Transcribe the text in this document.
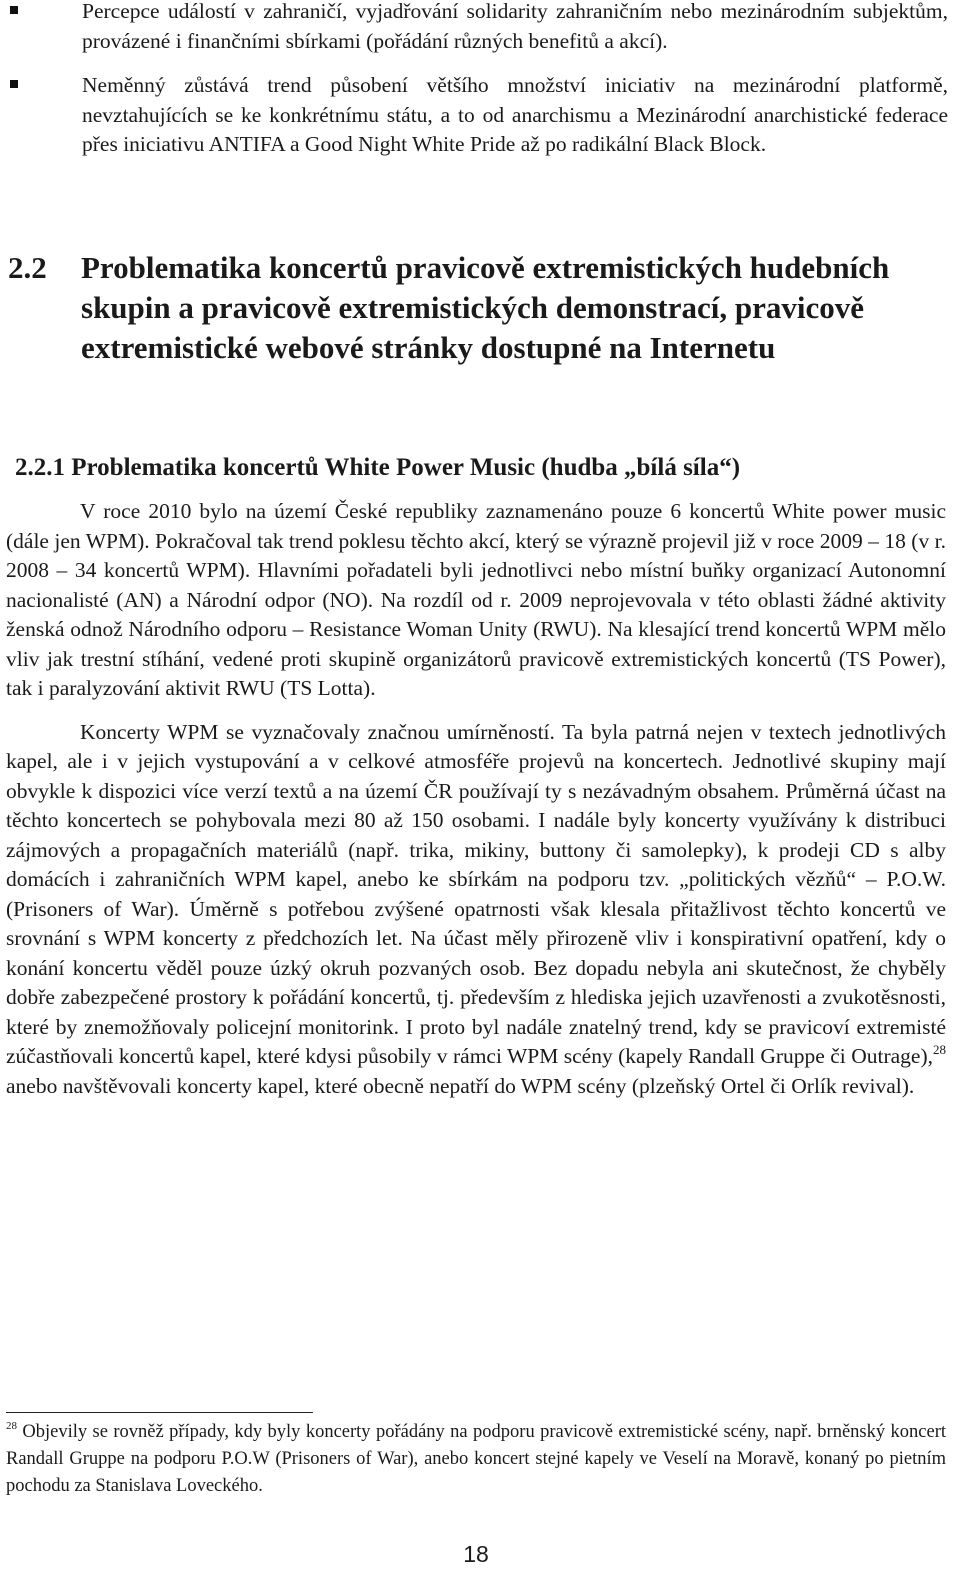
Percepce událostí v zahraničí, vyjadřování solidarity zahraničním nebo mezinárodním subjektům, provázené i finančními sbírkami (pořádání různých benefitů a akcí).
Neměnný zůstává trend působení většího množství iniciativ na mezinárodní platformě, nevztahujících se ke konkrétnímu státu, a to od anarchismu a Mezinárodní anarchistické federace přes iniciativu ANTIFA a Good Night White Pride až po radikální Black Block.
2.2 Problematika koncertů pravicově extremistických hudebních skupin a pravicově extremistických demonstrací, pravicově extremistické webové stránky dostupné na Internetu
2.2.1 Problematika koncertů White Power Music (hudba „bílá síla“)

V roce 2010 bylo na území České republiky zaznamenáno pouze 6 koncertů White power music (dále jen WPM). Pokračoval tak trend poklesu těchto akcí, který se výrazně projevil již v roce 2009 – 18 (v r. 2008 – 34 koncertů WPM). Hlavními pořadateli byli jednotlivci nebo místní buňky organizací Autonomní nacionalisté (AN) a Národní odpor (NO). Na rozdíl od r. 2009 neprojevovala v této oblasti žádné aktivity ženská odnož Národního odporu – Resistance Woman Unity (RWU). Na klesající trend koncertů WPM mělo vliv jak trestní stíhání, vedené proti skupině organizátorů pravicově extremistických koncertů (TS Power), tak i paralyzování aktivit RWU (TS Lotta).

Koncerty WPM se vyznačovaly značnou umírněností. Ta byla patrná nejen v textech jednotlivých kapel, ale i v jejich vystupování a v celkové atmosféře projevů na koncertech. Jednotlivé skupiny mají obvykle k dispozici více verzí textů a na území ČR používají ty s nezávadným obsahem. Průměrná účast na těchto koncertech se pohybovala mezi 80 až 150 osobami. I nadále byly koncerty využívány k distribuci zájmových a propagačních materiálů (např. trika, mikiny, buttony či samolepky), k prodeji CD s alby domácích i zahraničních WPM kapel, anebo ke sbírkám na podporu tzv. „politických vězňů“ – P.O.W. (Prisoners of War). Úměrně s potřebou zvýšené opatrnosti však klesala přitažlivost těchto koncertů ve srovnání s WPM koncerty z předchozích let. Na účast měly přirozeně vliv i konspirativní opatření, kdy o konání koncertu věděl pouze úzký okruh pozvaných osob. Bez dopadu nebyla ani skutečnost, že chyběly dobře zabezpečené prostory k pořádání koncertů, tj. především z hlediska jejich uzavřenosti a zvukotěsnosti, které by znemožňovaly policejní monitorink. I proto byl nadále znatelný trend, kdy se pravicoví extremisté zúčastňovali koncertů kapel, které kdysi působily v rámci WPM scény (kapely Randall Gruppe či Outrage),$^{28}$ anebo navštěvovali koncerty kapel, které obecně nepatří do WPM scény (plzeňský Ortel či Orlík revival).

$^{28}$ Objevily se rovněž případy, kdy byly koncerty pořádány na podporu pravicově extremistické scény, např. brněnský koncert Randall Gruppe na podporu P.O.W (Prisoners of War), anebo koncert stejné kapely ve Veselí na Moravě, konaný po pietním pochodu za Stanislava Loveckého.
18
